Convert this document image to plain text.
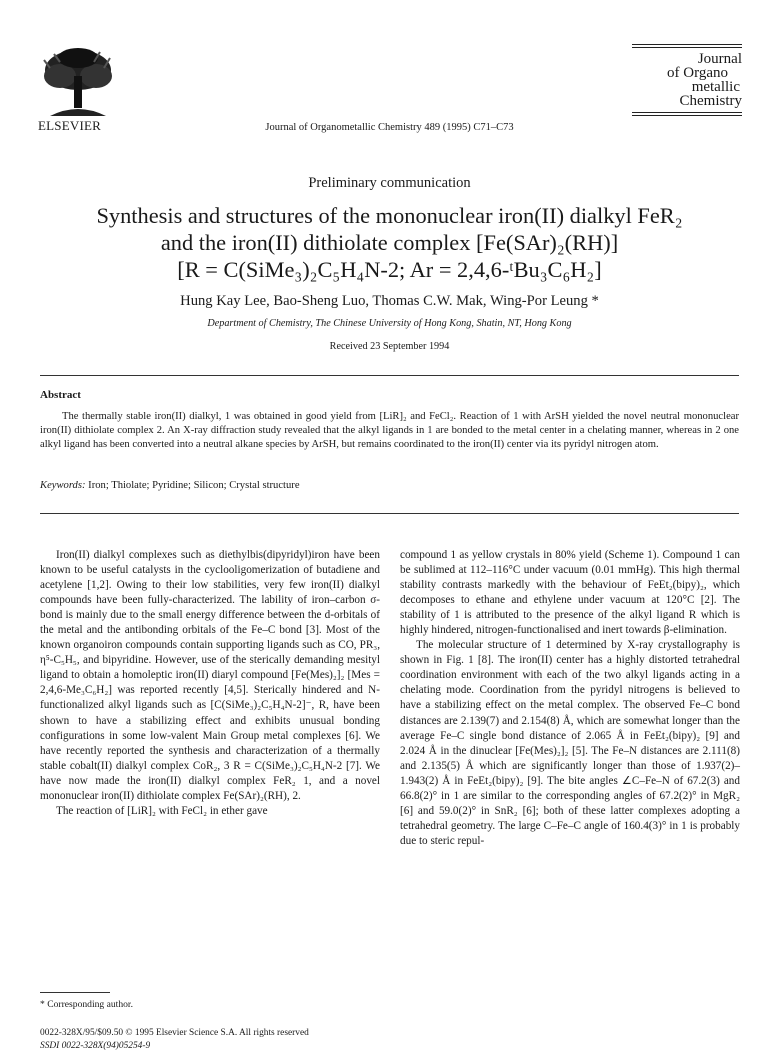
ELSEVIER	Journal of Organometallic Chemistry 489 (1995) C71–C73
Journal
of Organo
metallic
Chemistry
Preliminary communication
Synthesis and structures of the mononuclear iron(II) dialkyl FeR₂
and the iron(II) dithiolate complex [Fe(SAr)₂(RH)]
[R = C(SiMe₃)₂C₅H₄N-2; Ar = 2,4,6-ᵗBu₃C₆H₂]
Hung Kay Lee, Bao-Sheng Luo, Thomas C.W. Mak, Wing-Por Leung *
Department of Chemistry, The Chinese University of Hong Kong, Shatin, NT, Hong Kong
Received 23 September 1994
Abstract
The thermally stable iron(II) dialkyl, 1 was obtained in good yield from [LiR]₂ and FeCl₂. Reaction of 1 with ArSH yielded the novel neutral mononuclear iron(II) dithiolate complex 2. An X-ray diffraction study revealed that the alkyl ligands in 1 are bonded to the metal center in a chelating manner, whereas in 2 one alkyl ligand has been converted into a neutral alkane species by ArSH, but remains coordinated to the iron(II) center via its pyridyl nitrogen atom.
Keywords: Iron; Thiolate; Pyridine; Silicon; Crystal structure

Iron(II) dialkyl complexes such as diethylbis(dipyridyl)iron have been known to be useful catalysts in the cyclooligomerization of butadiene and acetylene [1,2]. Owing to their low stabilities, very few iron(II) dialkyl compounds have been fully-characterized. The lability of iron–carbon σ-bond is mainly due to the small energy difference between the d-orbitals of the metal and the antibonding orbitals of the Fe–C bond [3]. Most of the known organoiron compounds contain supporting ligands such as CO, PR₃, η⁵-C₅H₅, and bipyridine. However, use of the sterically demanding mesityl ligand to obtain a homoleptic iron(II) diaryl compound [Fe(Mes)₂]₂ [Mes = 2,4,6-Me₃C₆H₂] was reported recently [4,5]. Sterically hindered and N-functionalized alkyl ligands such as [C(SiMe₃)₂C₅H₄N-2]⁻, R, have been shown to have a stabilizing effect and exhibits unusual bonding configurations in some low-valent Main Group metal complexes [6]. We have recently reported the synthesis and characterization of a thermally stable cobalt(II) dialkyl complex CoR₂, 3 R = C(SiMe₃)₂C₅H₄N-2 [7]. We have now made the iron(II) dialkyl complex FeR₂ 1, and a novel mononuclear iron(II) dithiolate complex Fe(SAr)₂(RH), 2.

The reaction of [LiR]₂ with FeCl₂ in ether gave

compound 1 as yellow crystals in 80% yield (Scheme 1). Compound 1 can be sublimed at 112–116°C under vacuum (0.01 mmHg). This high thermal stability contrasts markedly with the behaviour of FeEt₂(bipy)₂, which decomposes to ethane and ethylene under vacuum at 120°C [2]. The stability of 1 is attributed to the presence of the alkyl ligand R which is highly hindered, nitrogen-functionalised and inert towards β-elimination.

The molecular structure of 1 determined by X-ray crystallography is shown in Fig. 1 [8]. The iron(II) center has a highly distorted tetrahedral coordination environment with each of the two alkyl ligands acting in a chelating mode. Coordination from the pyridyl nitrogens is believed to have a stabilizing effect on the metal complex. The observed Fe–C bond distances are 2.139(7) and 2.154(8) Å, which are somewhat longer than the average Fe–C single bond distance of 2.065 Å in FeEt₂(bipy)₂ [9] and 2.024 Å in the dinuclear [Fe(Mes)₂]₂ [5]. The Fe–N distances are 2.111(8) and 2.135(5) Å which are significantly longer than those of 1.937(2)–1.943(2) Å in FeEt₂(bipy)₂ [9]. The bite angles ∠C–Fe–N of 67.2(3) and 66.8(2)° in 1 are similar to the corresponding angles of 67.2(2)° in MgR₂ [6] and 59.0(2)° in SnR₂ [6]; both of these latter complexes adopting a tetrahedral geometry. The large C–Fe–C angle of 160.4(3)° in 1 is probably due to steric repul-

* Corresponding author.
0022-328X/95/$09.50 © 1995 Elsevier Science S.A. All rights reserved
SSDI 0022-328X(94)05254-9
